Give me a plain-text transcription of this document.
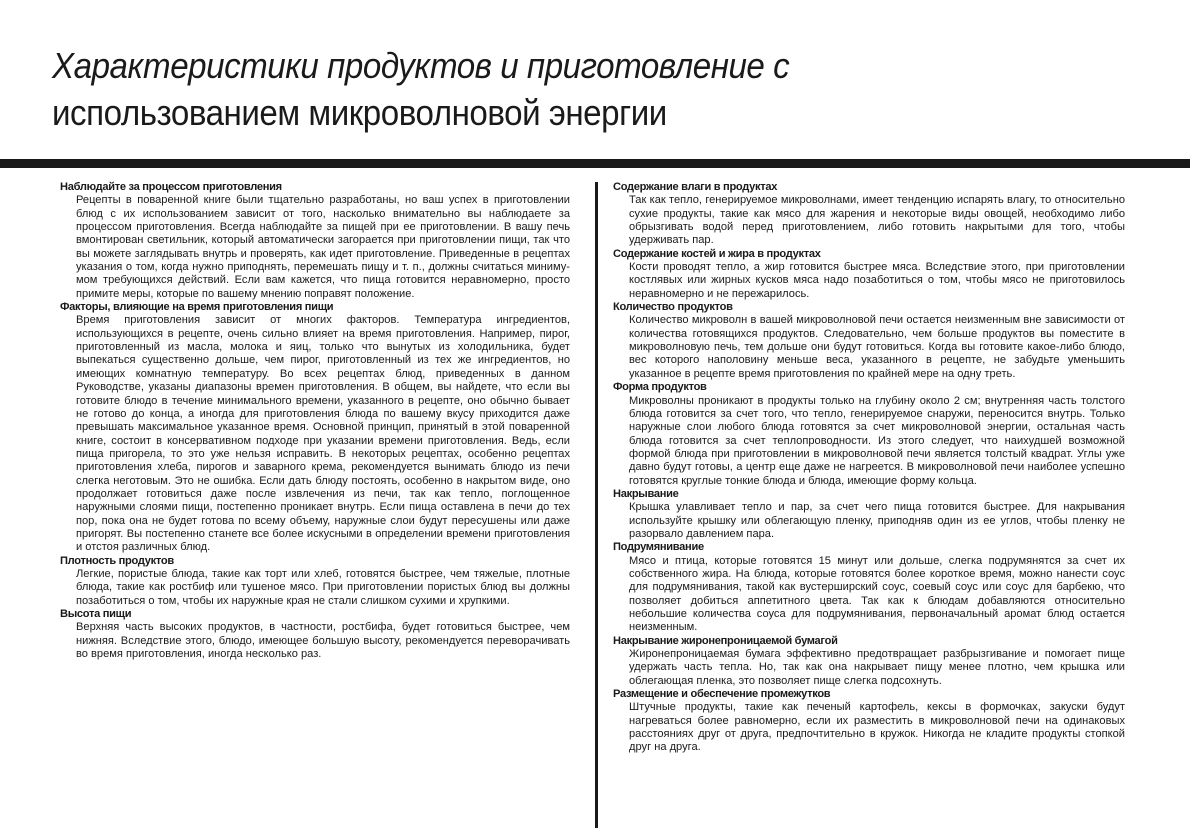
Характеристики продуктов и приготовление с
использованием микроволновой энергии

Наблюдайте за процессом приготовления

Рецепты в поваренной книге были тщательно разработаны, но ваш успех в приготовлении блюд с их использованием зависит от того, насколько внимательно вы наблюдаете за процессом приготовления. Всегда наблюдайте за пищей при ее приготовлении. В вашу печь вмонтирован светильник, который автоматически загорается при приготовлении пищи, так что вы можете заглядывать внутрь и проверять, как идет приготовление. Приведенные в рецептах указания о том, когда нужно приподнять, перемешать пищу и т. п., должны считаться минимумом требующихся действий. Если вам кажется, что пища готовится неравномерно, просто примите меры, которые по вашему мнению поправят положение.

Факторы, влияющие на время приготовления пищи

Время приготовления зависит от многих факторов. Температура ингредиентов, использующихся в рецепте, очень сильно влияет на время приготовления. Например, пирог, приготовленный из масла, молока и яиц, только что вынутых из холодильника, будет выпекаться существенно дольше, чем пирог, приготовленный из тех же ингредиентов, но имеющих комнатную температуру. Во всех рецептах блюд, приведенных в данном Руководстве, указаны диапазоны времен приготовления. В общем, вы найдете, что если вы готовите блюдо в течение минимального времени, указанного в рецепте, оно обычно бывает не готово до конца, а иногда для приготовления блюда по вашему вкусу приходится даже превышать максимальное указанное время. Основной принцип, принятый в этой поваренной книге, состоит в консервативном подходе при указании времени приготовления. Ведь, если пища пригорела, то это уже нельзя исправить. В некоторых рецептах, особенно рецептах приготовления хлеба, пирогов и заварного крема, рекомендуется вынимать блюдо из печи слегка неготовым. Это не ошибка. Если дать блюду постоять, особенно в накрытом виде, оно продолжает готовиться даже после извлечения из печи, так как тепло, поглощенное наружными слоями пищи, постепенно проникает внутрь. Если пища оставлена в печи до тех пор, пока она не будет готова по всему объему, наружные слои будут пересушены или даже пригорят. Вы постепенно станете все более искусными в определении времени приготовления и отстоя различных блюд.

Плотность продуктов

Легкие, пористые блюда, такие как торт или хлеб, готовятся быстрее, чем тяжелые, плотные блюда, такие как ростбиф или тушеное мясо. При приготовлении пористых блюд вы должны позаботиться о том, чтобы их наружные края не стали слишком сухими и хрупкими.

Высота пищи

Верхняя часть высоких продуктов, в частности, ростбифа, будет готовиться быстрее, чем нижняя. Вследствие этого, блюдо, имеющее большую высоту, рекомендуется переворачивать во время приготовления, иногда несколько раз.

Содержание влаги в продуктах

Так как тепло, генерируемое микроволнами, имеет тенденцию испарять влагу, то относительно сухие продукты, такие как мясо для жарения и некоторые виды овощей, необходимо либо обрызгивать водой перед приготовлением, либо готовить накрытыми для того, чтобы удерживать пар.

Содержание костей и жира в продуктах

Кости проводят тепло, а жир готовится быстрее мяса. Вследствие этого, при приготовлении костлявых или жирных кусков мяса надо позаботиться о том, чтобы мясо не приготовилось неравномерно и не пережарилось.

Количество продуктов

Количество микроволн в вашей микроволновой печи остается неизменным вне зависимости от количества готовящихся продуктов. Следовательно, чем больше продуктов вы поместите в микроволновую печь, тем дольше они будут готовиться. Когда вы готовите какое-либо блюдо, вес которого наполовину меньше веса, указанного в рецепте, не забудьте уменьшить указанное в рецепте время приготовления по крайней мере на одну треть.

Форма продуктов

Микроволны проникают в продукты только на глубину около 2 см; внутренняя часть толстого блюда готовится за счет того, что тепло, генерируемое снаружи, переносится внутрь. Только наружные слои любого блюда готовятся за счет микроволновой энергии, остальная часть блюда готовится за счет теплопроводности. Из этого следует, что наихудшей возможной формой блюда при приготовлении в микроволновой печи является толстый квадрат. Углы уже давно будут готовы, а центр еще даже не нагреется. В микроволновой печи наиболее успешно готовятся круглые тонкие блюда и блюда, имеющие форму кольца.

Накрывание

Крышка улавливает тепло и пар, за счет чего пища готовится быстрее. Для накрывания используйте крышку или облегающую пленку, приподняв один из ее углов, чтобы пленку не разорвало давлением пара.

Подрумянивание

Мясо и птица, которые готовятся 15 минут или дольше, слегка подрумянятся за счет их собственного жира. На блюда, которые готовятся более короткое время, можно нанести соус для подрумянивания, такой как вустерширский соус, соевый соус или соус для барбекю, что позволяет добиться аппетитного цвета. Так как к блюдам добавляются относительно небольшие количества соуса для подрумянивания, первоначальный аромат блюд остается неизменным.

Накрывание жиронепроницаемой бумагой

Жиронепроницаемая бумага эффективно предотвращает разбрызгивание и помогает пище удержать часть тепла. Но, так как она накрывает пищу менее плотно, чем крышка или облегающая пленка, это позволяет пище слегка подсохнуть.

Размещение и обеспечение промежутков

Штучные продукты, такие как печеный картофель, кексы в формочках, закуски будут нагреваться более равномерно, если их разместить в микроволновой печи на одинаковых расстояниях друг от друга, предпочтительно в кружок. Никогда не кладите продукты стопкой друг на друга.
